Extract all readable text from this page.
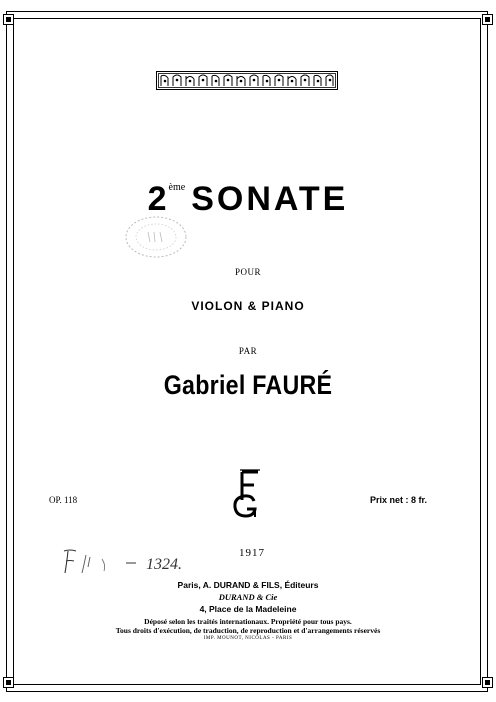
2ème SONATE
POUR
VIOLON & PIANO
PAR
Gabriel FAURÉ
OP. 118	Prix net : 8 fr.
1324.
1917
Paris, A. DURAND & FILS, Éditeurs
DURAND & Cie
4, Place de la Madeleine
Déposé selon les traités internationaux. Propriété pour tous pays.
Tous droits d'exécution, de traduction, de reproduction et d'arrangements réservés
IMP. MOUNOT, NICOLAS - PARIS
